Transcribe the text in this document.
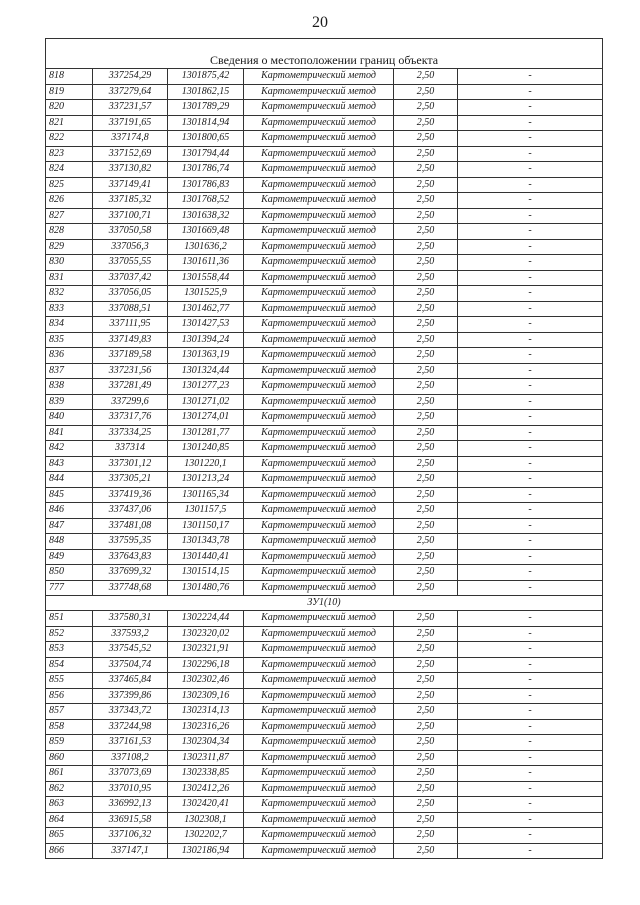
20

Сведения о местоположении границ объекта					
818	337254,29	1301875,42	Картометрический метод	2,50	-
819	337279,64	1301862,15	Картометрический метод	2,50	-
820	337231,57	1301789,29	Картометрический метод	2,50	-
821	337191,65	1301814,94	Картометрический метод	2,50	-
822	337174,8	1301800,65	Картометрический метод	2,50	-
823	337152,69	1301794,44	Картометрический метод	2,50	-
824	337130,82	1301786,74	Картометрический метод	2,50	-
825	337149,41	1301786,83	Картометрический метод	2,50	-
826	337185,32	1301768,52	Картометрический метод	2,50	-
827	337100,71	1301638,32	Картометрический метод	2,50	-
828	337050,58	1301669,48	Картометрический метод	2,50	-
829	337056,3	1301636,2	Картометрический метод	2,50	-
830	337055,55	1301611,36	Картометрический метод	2,50	-
831	337037,42	1301558,44	Картометрический метод	2,50	-
832	337056,05	1301525,9	Картометрический метод	2,50	-
833	337088,51	1301462,77	Картометрический метод	2,50	-
834	337111,95	1301427,53	Картометрический метод	2,50	-
835	337149,83	1301394,24	Картометрический метод	2,50	-
836	337189,58	1301363,19	Картометрический метод	2,50	-
837	337231,56	1301324,44	Картометрический метод	2,50	-
838	337281,49	1301277,23	Картометрический метод	2,50	-
839	337299,6	1301271,02	Картометрический метод	2,50	-
840	337317,76	1301274,01	Картометрический метод	2,50	-
841	337334,25	1301281,77	Картометрический метод	2,50	-
842	337314	1301240,85	Картометрический метод	2,50	-
843	337301,12	1301220,1	Картометрический метод	2,50	-
844	337305,21	1301213,24	Картометрический метод	2,50	-
845	337419,36	1301165,34	Картометрический метод	2,50	-
846	337437,06	1301157,5	Картометрический метод	2,50	-
847	337481,08	1301150,17	Картометрический метод	2,50	-
848	337595,35	1301343,78	Картометрический метод	2,50	-
849	337643,83	1301440,41	Картометрический метод	2,50	-
850	337699,32	1301514,15	Картометрический метод	2,50	-
777	337748,68	1301480,76	Картометрический метод	2,50	-
ЗУ1(10)					
851	337580,31	1302224,44	Картометрический метод	2,50	-
852	337593,2	1302320,02	Картометрический метод	2,50	-
853	337545,52	1302321,91	Картометрический метод	2,50	-
854	337504,74	1302296,18	Картометрический метод	2,50	-
855	337465,84	1302302,46	Картометрический метод	2,50	-
856	337399,86	1302309,16	Картометрический метод	2,50	-
857	337343,72	1302314,13	Картометрический метод	2,50	-
858	337244,98	1302316,26	Картометрический метод	2,50	-
859	337161,53	1302304,34	Картометрический метод	2,50	-
860	337108,2	1302311,87	Картометрический метод	2,50	-
861	337073,69	1302338,85	Картометрический метод	2,50	-
862	337010,95	1302412,26	Картометрический метод	2,50	-
863	336992,13	1302420,41	Картометрический метод	2,50	-
864	336915,58	1302308,1	Картометрический метод	2,50	-
865	337106,32	1302202,7	Картометрический метод	2,50	-
866	337147,1	1302186,94	Картометрический метод	2,50	-
